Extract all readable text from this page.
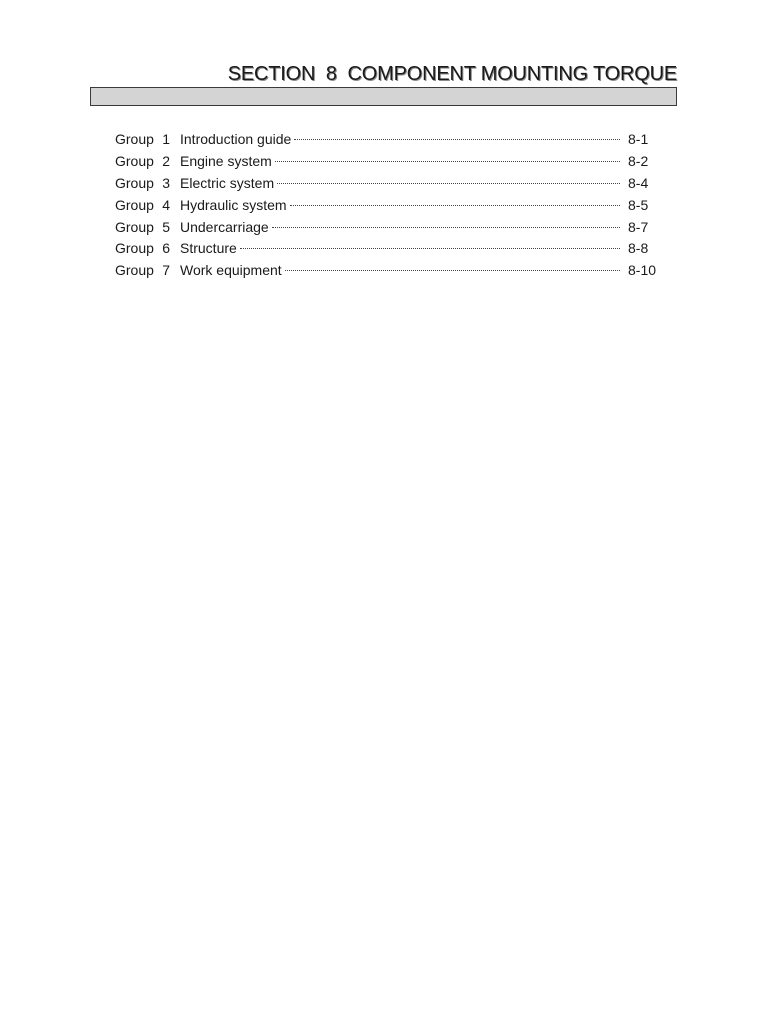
SECTION  8  COMPONENT MOUNTING TORQUE
Group 1 Introduction guide	8-1
Group 2 Engine system	8-2
Group 3 Electric system	8-4
Group 4 Hydraulic system	8-5
Group 5 Undercarriage	8-7
Group 6 Structure	8-8
Group 7 Work equipment	8-10
